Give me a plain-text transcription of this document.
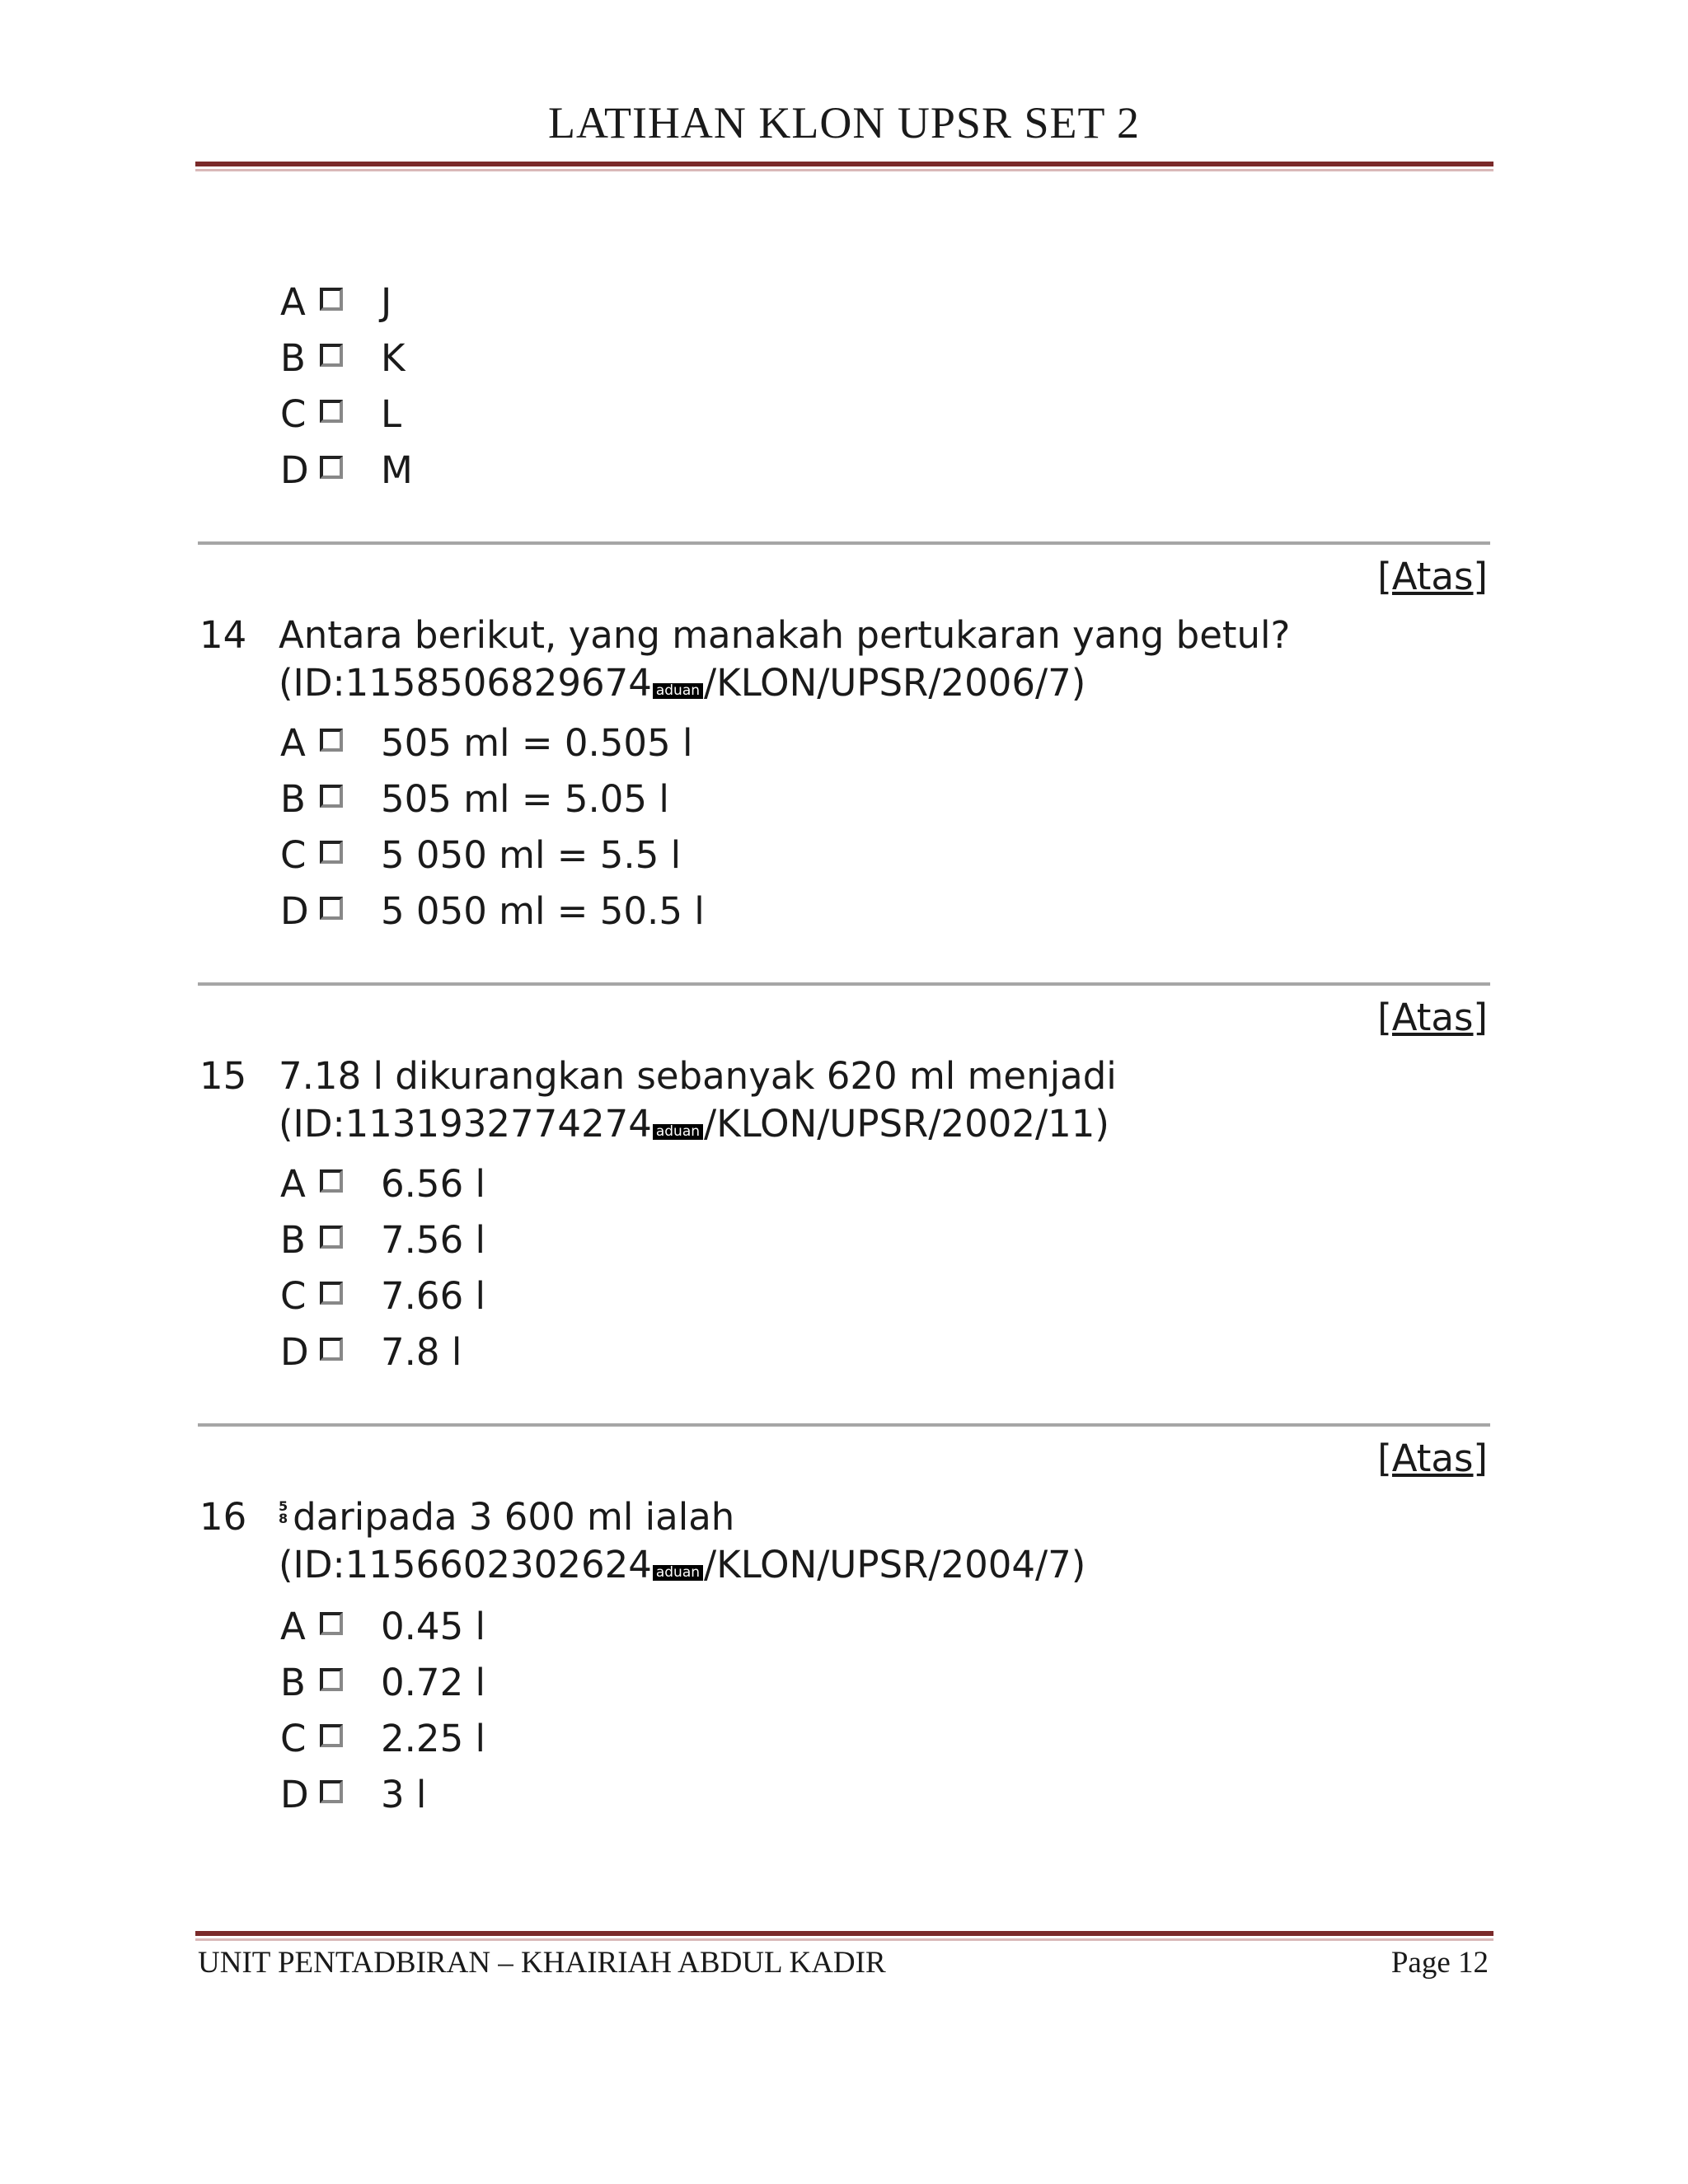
LATIHAN KLON UPSR SET 2
A J
B K
C L
D M
[Atas]
14 Antara berikut, yang manakah pertukaran yang betul?
(ID:1158506829674 aduan /KLON/UPSR/2006/7)
A 505 ml = 0.505 l
B 505 ml = 5.05 l
C 5 050 ml = 5.5 l
D 5 050 ml = 50.5 l
[Atas]
15 7.18 l dikurangkan sebanyak 620 ml menjadi
(ID:1131932774274 aduan /KLON/UPSR/2002/11)
A 6.56 l
B 7.56 l
C 7.66 l
D 7.8 l
[Atas]
16 5
8 daripada 3 600 ml ialah
(ID:1156602302624 aduan /KLON/UPSR/2004/7)
A 0.45 l
B 0.72 l
C 2.25 l
D 3 l
UNIT PENTADBIRAN – KHAIRIAH ABDUL KADIR	Page 12
